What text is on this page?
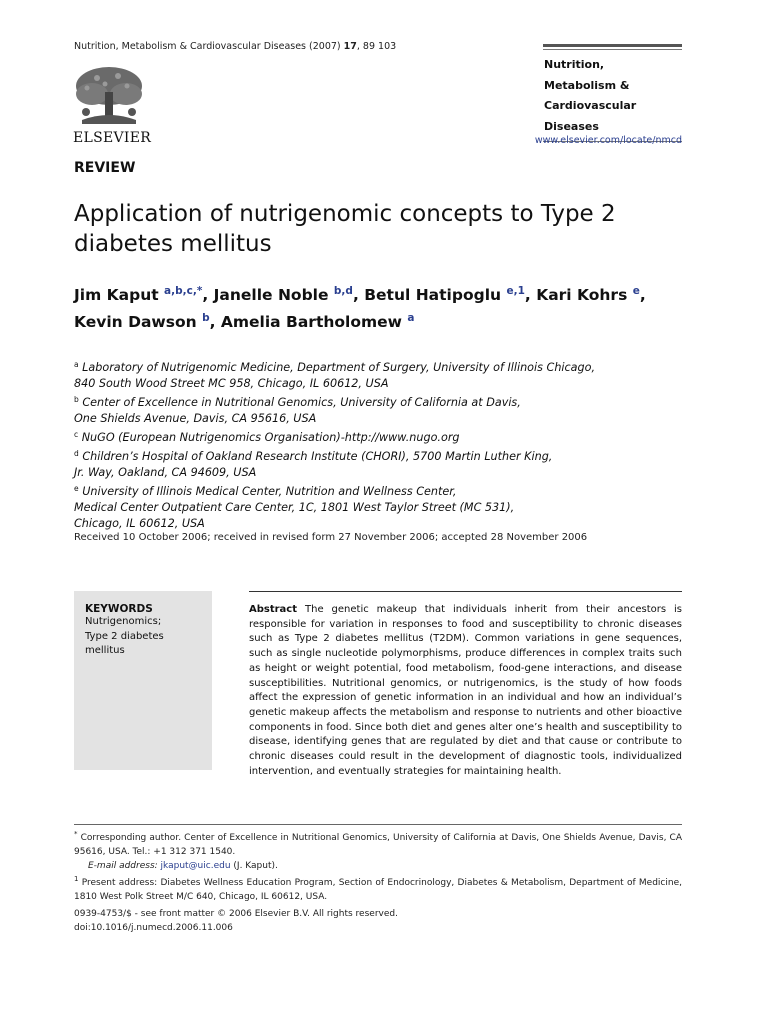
Nutrition, Metabolism & Cardiovascular Diseases (2007) 17, 89 103
ELSEVIER
Nutrition,
Metabolism &
Cardiovascular Diseases
www.elsevier.com/locate/nmcd
REVIEW
Application of nutrigenomic concepts to Type 2 diabetes mellitus
Jim Kaput $^{a,b,c,*}$, Janelle Noble $^{b,d}$, Betul Hatipoglu $^{e,1}$, Kari Kohrs $^e$,
Kevin Dawson $^b$, Amelia Bartholomew $^a$
$^a$ Laboratory of Nutrigenomic Medicine, Department of Surgery, University of Illinois Chicago,
840 South Wood Street MC 958, Chicago, IL 60612, USA
$^b$ Center of Excellence in Nutritional Genomics, University of California at Davis,
One Shields Avenue, Davis, CA 95616, USA
$^c$ NuGO (European Nutrigenomics Organisation)-http://www.nugo.org
$^d$ Children’s Hospital of Oakland Research Institute (CHORI), 5700 Martin Luther King,
Jr. Way, Oakland, CA 94609, USA
$^e$ University of Illinois Medical Center, Nutrition and Wellness Center,
Medical Center Outpatient Care Center, 1C, 1801 West Taylor Street (MC 531),
Chicago, IL 60612, USA
Received 10 October 2006; received in revised form 27 November 2006; accepted 28 November 2006
KEYWORDS
Nutrigenomics;
Type 2 diabetes
mellitus
Abstract The genetic makeup that individuals inherit from their ancestors is responsible for variation in responses to food and susceptibility to chronic diseases such as Type 2 diabetes mellitus (T2DM). Common variations in gene sequences, such as single nucleotide polymorphisms, produce differences in complex traits such as height or weight potential, food metabolism, food-gene interactions, and disease susceptibilities. Nutritional genomics, or nutrigenomics, is the study of how foods affect the expression of genetic information in an individual and how an individual’s genetic makeup affects the metabolism and response to nutrients and other bioactive components in food. Since both diet and genes alter one’s health and susceptibility to disease, identifying genes that are regulated by diet and that cause or contribute to chronic diseases could result in the development of diagnostic tools, individualized intervention, and eventually strategies for maintaining health.
* Corresponding author. Center of Excellence in Nutritional Genomics, University of California at Davis, One Shields Avenue, Davis, CA 95616, USA. Tel.: +1 312 371 1540.
E-mail address: jkaput@uic.edu (J. Kaput).
$^1$ Present address: Diabetes Wellness Education Program, Section of Endocrinology, Diabetes & Metabolism, Department of Medicine, 1810 West Polk Street M/C 640, Chicago, IL 60612, USA.
0939-4753/$ - see front matter © 2006 Elsevier B.V. All rights reserved.
doi:10.1016/j.numecd.2006.11.006
